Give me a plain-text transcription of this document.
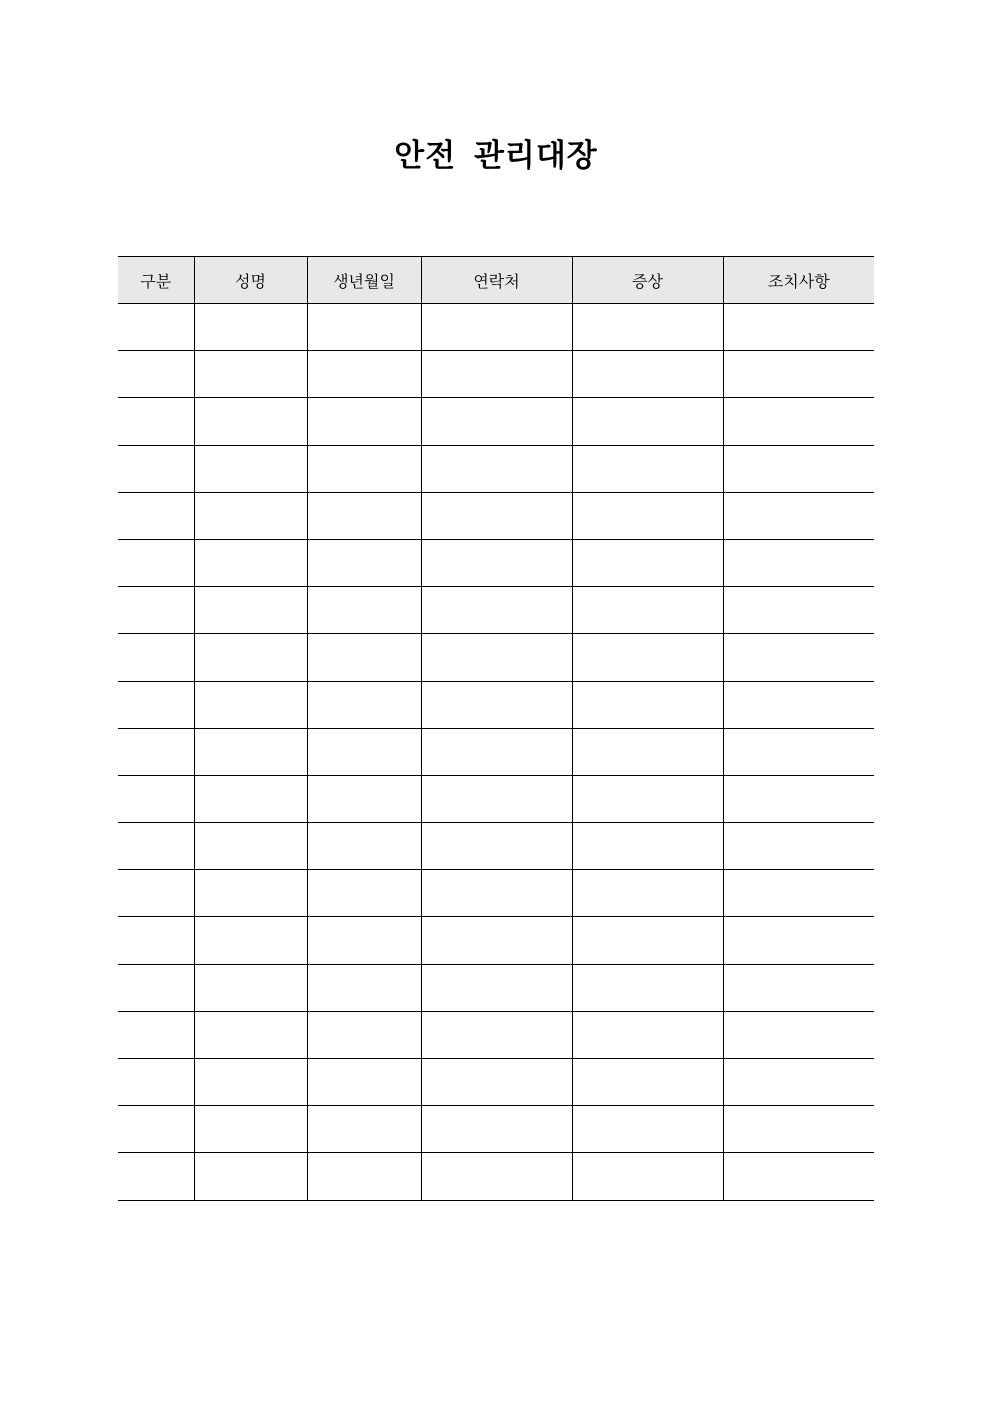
안전 관리대장
구분	성명	생년월일	연락처	증상	조치사항
